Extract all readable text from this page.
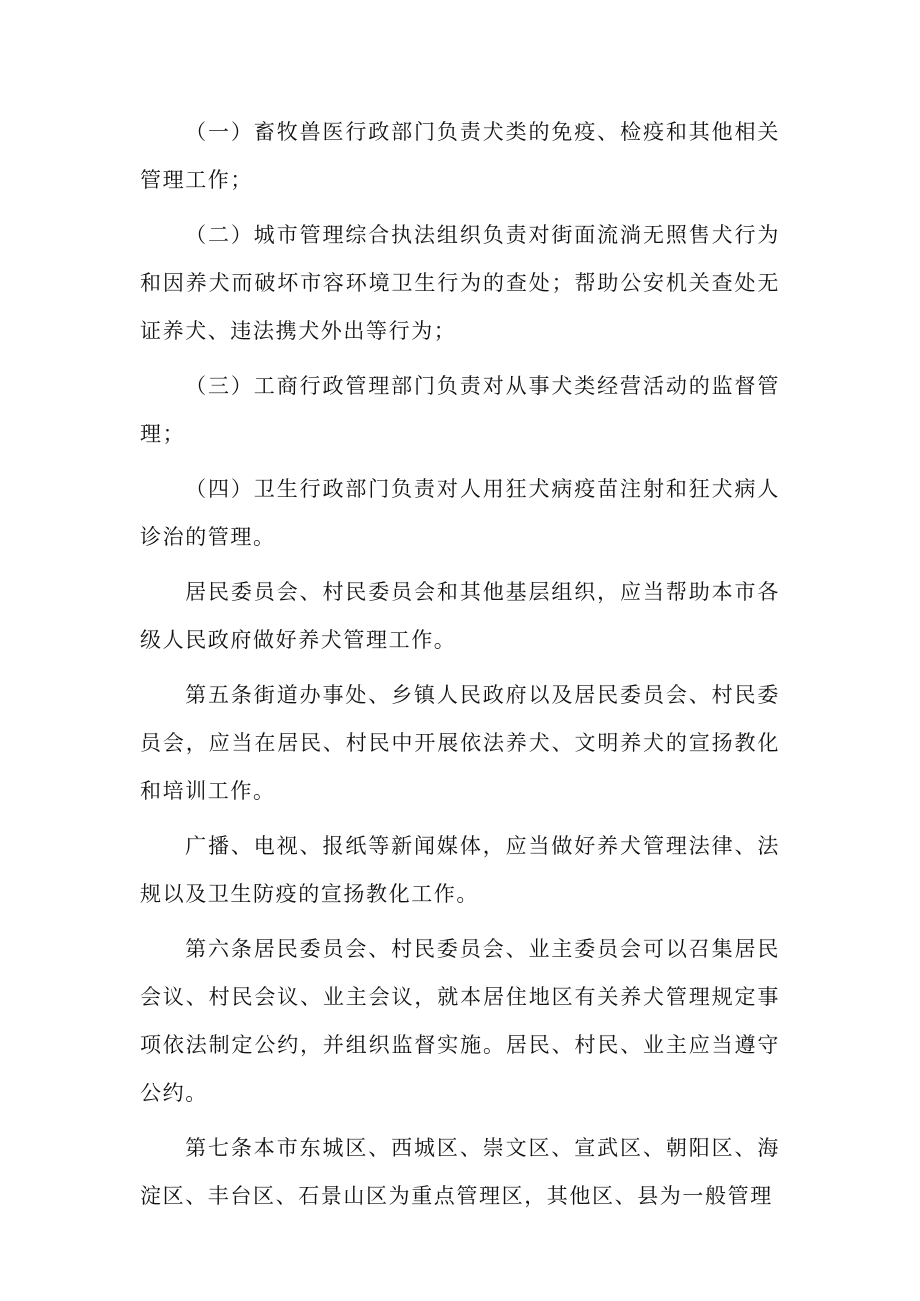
（一）畜牧兽医行政部门负责犬类的免疫、检疫和其他相关管理工作；

（二）城市管理综合执法组织负责对街面流淌无照售犬行为和因养犬而破坏市容环境卫生行为的查处；帮助公安机关查处无证养犬、违法携犬外出等行为；

（三）工商行政管理部门负责对从事犬类经营活动的监督管理；

（四）卫生行政部门负责对人用狂犬病疫苗注射和狂犬病人诊治的管理。

居民委员会、村民委员会和其他基层组织，应当帮助本市各级人民政府做好养犬管理工作。

第五条街道办事处、乡镇人民政府以及居民委员会、村民委员会，应当在居民、村民中开展依法养犬、文明养犬的宣扬教化和培训工作。

广播、电视、报纸等新闻媒体，应当做好养犬管理法律、法规以及卫生防疫的宣扬教化工作。

第六条居民委员会、村民委员会、业主委员会可以召集居民会议、村民会议、业主会议，就本居住地区有关养犬管理规定事项依法制定公约，并组织监督实施。居民、村民、业主应当遵守公约。

第七条本市东城区、西城区、崇文区、宣武区、朝阳区、海淀区、丰台区、石景山区为重点管理区，其他区、县为一般管理
